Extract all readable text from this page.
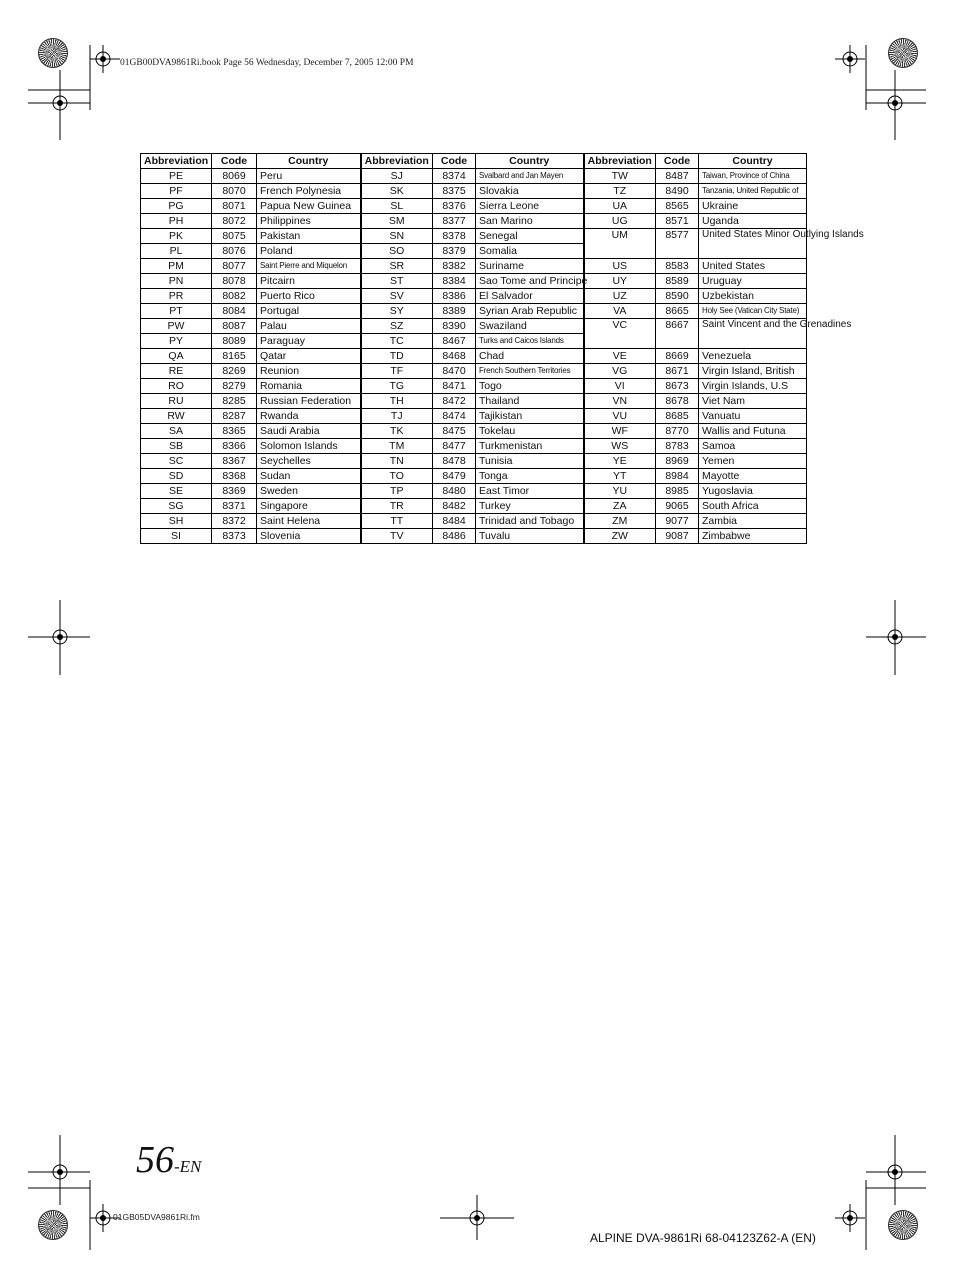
01GB00DVA9861Ri.book Page 56 Wednesday, December 7, 2005 12:00 PM
Abbreviation	Code	Country	Abbreviation	Code	Country	Abbreviation	Code	Country
PE	8069	Peru	SJ	8374	Svalbard and Jan Mayen	TW	8487	Taiwan, Province of China
PF	8070	French Polynesia	SK	8375	Slovakia	TZ	8490	Tanzania, United Republic of
PG	8071	Papua New Guinea	SL	8376	Sierra Leone	UA	8565	Ukraine
PH	8072	Philippines	SM	8377	San Marino	UG	8571	Uganda
PK	8075	Pakistan	SN	8378	Senegal	UM	8577	United States Minor Outlying Islands
PL	8076	Poland	SO	8379	Somalia			
PM	8077	Saint Pierre and Miquelon	SR	8382	Suriname	US	8583	United States
PN	8078	Pitcairn	ST	8384	Sao Tome and Principe	UY	8589	Uruguay
PR	8082	Puerto Rico	SV	8386	El Salvador	UZ	8590	Uzbekistan
PT	8084	Portugal	SY	8389	Syrian Arab Republic	VA	8665	Holy See (Vatican City State)
PW	8087	Palau	SZ	8390	Swaziland	VC	8667	Saint Vincent and the Grenadines
PY	8089	Paraguay	TC	8467	Turks and Caicos Islands			
QA	8165	Qatar	TD	8468	Chad	VE	8669	Venezuela
RE	8269	Reunion	TF	8470	French Southern Territories	VG	8671	Virgin Island, British
RO	8279	Romania	TG	8471	Togo	VI	8673	Virgin Islands, U.S
RU	8285	Russian Federation	TH	8472	Thailand	VN	8678	Viet Nam
RW	8287	Rwanda	TJ	8474	Tajikistan	VU	8685	Vanuatu
SA	8365	Saudi Arabia	TK	8475	Tokelau	WF	8770	Wallis and Futuna
SB	8366	Solomon Islands	TM	8477	Turkmenistan	WS	8783	Samoa
SC	8367	Seychelles	TN	8478	Tunisia	YE	8969	Yemen
SD	8368	Sudan	TO	8479	Tonga	YT	8984	Mayotte
SE	8369	Sweden	TP	8480	East Timor	YU	8985	Yugoslavia
SG	8371	Singapore	TR	8482	Turkey	ZA	9065	South Africa
SH	8372	Saint Helena	TT	8484	Trinidad and Tobago	ZM	9077	Zambia
SI	8373	Slovenia	TV	8486	Tuvalu	ZW	9087	Zimbabwe
56-EN
01GB05DVA9861Ri.fm
ALPINE DVA-9861Ri 68-04123Z62-A (EN)
